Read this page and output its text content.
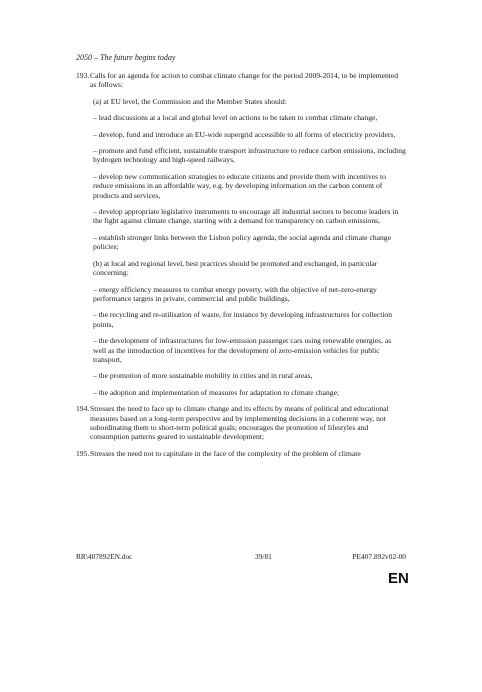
2050 – The future begins today

193.Calls for an agenda for action to combat climate change for the period 2009-2014, to be implemented as follows:

(a) at EU level, the Commission and the Member States should:

– lead discussions at a local and global level on actions to be taken to combat climate change,

– develop, fund and introduce an EU-wide supergrid accessible to all forms of electricity providers,

– promote and fund efficient, sustainable transport infrastructure to reduce carbon emissions, including hydrogen technology and high-speed railways,

– develop new communication strategies to educate citizens and provide them with incentives to reduce emissions in an affordable way, e.g. by developing information on the carbon content of products and services,

– develop appropriate legislative instruments to encourage all industrial sectors to become leaders in the fight against climate change, starting with a demand for transparency on carbon emissions,

– establish stronger links between the Lisbon policy agenda, the social agenda and climate change policies;

(b) at local and regional level, best practices should be promoted and exchanged, in particular concerning:

– energy efficiency measures to combat energy poverty, with the objective of net-zero-energy performance targets in private, commercial and public buildings,

– the recycling and re-utilisation of waste, for instance by developing infrastructures for collection points,

– the development of infrastructures for low-emission passenger cars using renewable energies, as well as the introduction of incentives for the development of zero-emission vehicles for public transport,

– the promotion of more sustainable mobility in cities and in rural areas,

– the adoption and implementation of measures for adaptation to climate change;

194.Stresses the need to face up to climate change and its effects by means of political and educational measures based on a long-term perspective and by implementing decisions in a coherent way, not subordinating them to short-term political goals; encourages the promotion of lifestyles and consumption patterns geared to sustainable development;

195.Stresses the need not to capitulate in the face of the complexity of the problem of climate

RR\407892EN.doc	39/81	PE407.892v02-00
EN
